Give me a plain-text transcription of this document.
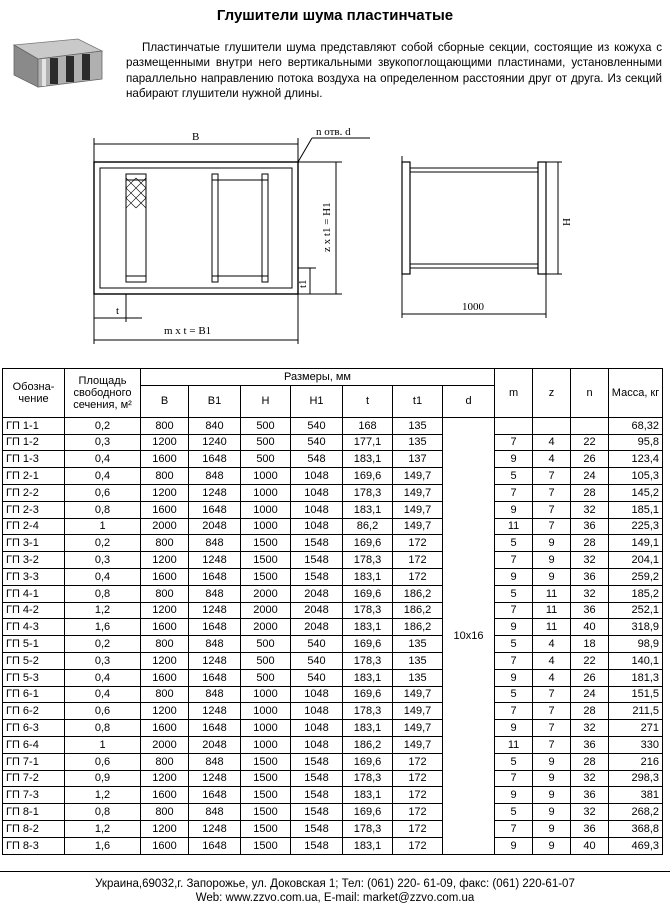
Глушители шума пластинчатые
Пластинчатые глушители шума представляют собой сборные секции, состоящие из кожуха с размещенными внутри него вертикальными звукопоглощающими пластинами, установленными параллельно направлению потока воздуха на определенном расстоянии друг от друга. Из секций набирают глушители нужной длины.
B	n отв. d
z x t1 = H1
t1
t
m x t = B1
H
1000
Обозна-чение	Площадь свободного сечения, м²	Размеры, мм							m	z	n	Масса, кг
		B	B1	H	H1	t	t1	d				
ГП 1-1	0,2	800	840	500	540	168	135	10x16				68,32
ГП 1-2	0,3	1200	1240	500	540	177,1	135		7	4	22	95,8
ГП 1-3	0,4	1600	1648	500	548	183,1	137		9	4	26	123,4
ГП 2-1	0,4	800	848	1000	1048	169,6	149,7		5	7	24	105,3
ГП 2-2	0,6	1200	1248	1000	1048	178,3	149,7		7	7	28	145,2
ГП 2-3	0,8	1600	1648	1000	1048	183,1	149,7		9	7	32	185,1
ГП 2-4	1	2000	2048	1000	1048	86,2	149,7		11	7	36	225,3
ГП 3-1	0,2	800	848	1500	1548	169,6	172		5	9	28	149,1
ГП 3-2	0,3	1200	1248	1500	1548	178,3	172		7	9	32	204,1
ГП 3-3	0,4	1600	1648	1500	1548	183,1	172		9	9	36	259,2
ГП 4-1	0,8	800	848	2000	2048	169,6	186,2		5	11	32	185,2
ГП 4-2	1,2	1200	1248	2000	2048	178,3	186,2		7	11	36	252,1
ГП 4-3	1,6	1600	1648	2000	2048	183,1	186,2		9	11	40	318,9
ГП 5-1	0,2	800	848	500	540	169,6	135		5	4	18	98,9
ГП 5-2	0,3	1200	1248	500	540	178,3	135		7	4	22	140,1
ГП 5-3	0,4	1600	1648	500	540	183,1	135		9	4	26	181,3
ГП 6-1	0,4	800	848	1000	1048	169,6	149,7		5	7	24	151,5
ГП 6-2	0,6	1200	1248	1000	1048	178,3	149,7		7	7	28	211,5
ГП 6-3	0,8	1600	1648	1000	1048	183,1	149,7		9	7	32	271
ГП 6-4	1	2000	2048	1000	1048	186,2	149,7		11	7	36	330
ГП 7-1	0,6	800	848	1500	1548	169,6	172		5	9	28	216
ГП 7-2	0,9	1200	1248	1500	1548	178,3	172		7	9	32	298,3
ГП 7-3	1,2	1600	1648	1500	1548	183,1	172		9	9	36	381
ГП 8-1	0,8	800	848	1500	1548	169,6	172		5	9	32	268,2
ГП 8-2	1,2	1200	1248	1500	1548	178,3	172		7	9	36	368,8
ГП 8-3	1,6	1600	1648	1500	1548	183,1	172		9	9	40	469,3
Украина,69032,г. Запорожье, ул. Доковская 1; Тел: (061) 220- 61-09, факс: (061) 220-61-07
Web: www.zzvo.com.ua, E-mail: market@zzvo.com.ua
